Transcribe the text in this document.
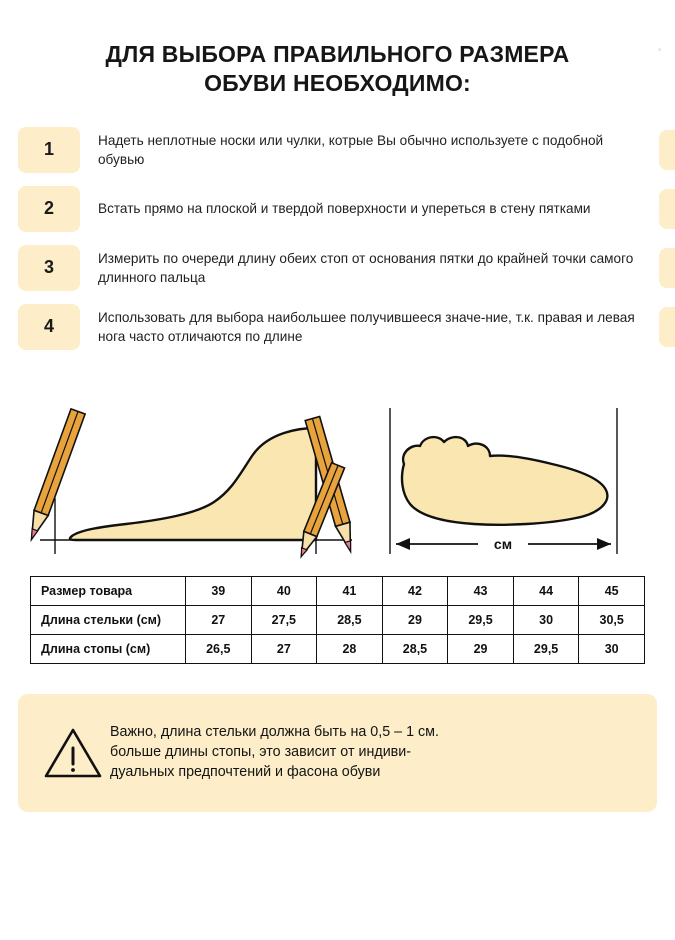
ДЛЯ ВЫБОРА ПРАВИЛЬНОГО РАЗМЕРА
ОБУВИ НЕОБХОДИМО:
1	Надеть неплотные носки или чулки, котрые Вы обычно используете с подобной обувью
2	Встать прямо на плоской и твердой поверхности и упереться в стену пятками
3	Измерить по очереди длину обеих стоп от основания пятки до крайней точки самого длинного пальца
4	Использовать для выбора наибольшее получившееся значе-ние, т.к. правая и левая нога часто отличаются по длине
см
Размер товара	39	40	41	42	43	44	45
Длина стельки (см)	27	27,5	28,5	29	29,5	30	30,5
Длина стопы (см)	26,5	27	28	28,5	29	29,5	30
Важно, длина стельки должна быть на 0,5 – 1 см.
больше длины стопы, это зависит от индиви-
дуальных предпочтений и фасона обуви
